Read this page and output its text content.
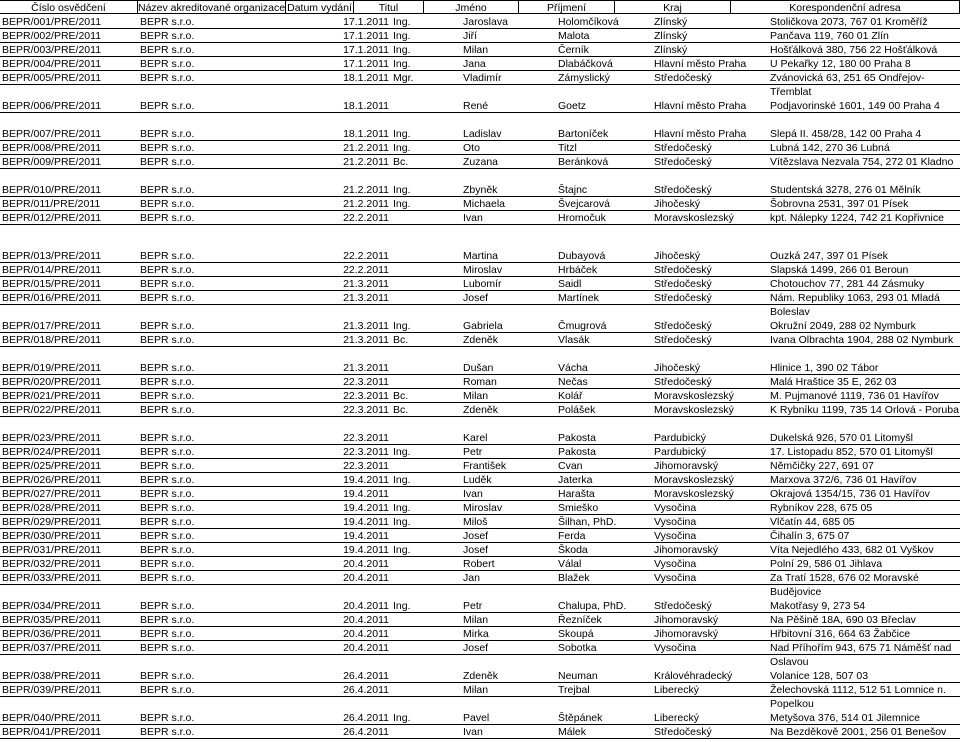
Číslo osvědčení	Název akreditované organizace Datum vydání	Titul	Jméno	Příjmení	Kraj	Korespondenční adresa
BEPR/001/PRE/2011	BEPR s.r.o.	17.1.2011 Ing.	Jaroslava	Holomčíková	Zlínský	Stoličkova 2073, 767 01 Kroměříž
BEPR/002/PRE/2011	BEPR s.r.o.	17.1.2011 Ing.	Jiří	Malota	Zlínský	Pančava 119, 760 01 Zlín
BEPR/003/PRE/2011	BEPR s.r.o.	17.1.2011 Ing.	Milan	Černík	Zlínský	Hošťálková 380, 756 22 Hošťálková
BEPR/004/PRE/2011	BEPR s.r.o.	17.1.2011 Ing.	Jana	Dlabáčková	Hlavní město Praha	U Pekařky 12, 180 00 Praha 8
BEPR/005/PRE/2011	BEPR s.r.o.	18.1.2011 Mgr.	Vladimír	Zámyslický	Středočeský	Zvánovická 63, 251 65 Ondřejov-Třemblat
BEPR/006/PRE/2011	BEPR s.r.o.	18.1.2011	René	Goetz	Hlavní město Praha	Podjavorinské 1601, 149 00 Praha 4
BEPR/007/PRE/2011	BEPR s.r.o.	18.1.2011 Ing.	Ladislav	Bartoníček	Hlavní město Praha	Slepá II. 458/28, 142 00 Praha 4
BEPR/008/PRE/2011	BEPR s.r.o.	21.2.2011 Ing.	Oto	Titzl	Středočeský	Lubná 142, 270 36 Lubná
BEPR/009/PRE/2011	BEPR s.r.o.	21.2.2011 Bc.	Zuzana	Beránková	Středočeský	Vítězslava Nezvala 754, 272 01 Kladno
BEPR/010/PRE/2011	BEPR s.r.o.	21.2.2011 Ing.	Zbyněk	Štajnc	Středočeský	Studentská 3278, 276 01 Mělník
BEPR/011/PRE/2011	BEPR s.r.o.	21.2.2011 Ing.	Michaela	Švejcarová	Jihočeský	Šobrovna 2531, 397 01 Písek
BEPR/012/PRE/2011	BEPR s.r.o.	22.2.2011	Ivan	Hromočuk	Moravskoslezský	kpt. Nálepky 1224, 742 21 Kopřivnice
BEPR/013/PRE/2011	BEPR s.r.o.	22.2.2011	Martina	Dubayová	Jihočeský	Ouzká 247, 397 01 Písek
BEPR/014/PRE/2011	BEPR s.r.o.	22.2.2011	Miroslav	Hrbáček	Středočeský	Slapská 1499, 266 01 Beroun
BEPR/015/PRE/2011	BEPR s.r.o.	21.3.2011	Lubomír	Saidl	Středočeský	Chotouchov 77, 281 44 Zásmuky
BEPR/016/PRE/2011	BEPR s.r.o.	21.3.2011	Josef	Martínek	Středočeský	Nám. Republiky 1063, 293 01 Mladá Boleslav
BEPR/017/PRE/2011	BEPR s.r.o.	21.3.2011 Ing.	Gabriela	Čmugrová	Středočeský	Okružní 2049, 288 02 Nymburk
BEPR/018/PRE/2011	BEPR s.r.o.	21.3.2011 Bc.	Zdeněk	Vlasák	Středočeský	Ivana Olbrachta 1904, 288 02 Nymburk
BEPR/019/PRE/2011	BEPR s.r.o.	21.3.2011	Dušan	Vácha	Jihočeský	Hlinice 1, 390 02 Tábor
BEPR/020/PRE/2011	BEPR s.r.o.	22.3.2011	Roman	Nečas	Středočeský	Malá Hraštice 35 E, 262 03
BEPR/021/PRE/2011	BEPR s.r.o.	22.3.2011 Bc.	Milan	Kolář	Moravskoslezský	M. Pujmanové 1119, 736 01 Havířov
BEPR/022/PRE/2011	BEPR s.r.o.	22.3.2011 Bc.	Zdeněk	Polášek	Moravskoslezský	K Rybníku 1199, 735 14 Orlová - Poruba
BEPR/023/PRE/2011	BEPR s.r.o.	22.3.2011	Karel	Pakosta	Pardubický	Dukelská 926, 570 01 Litomyšl
BEPR/024/PRE/2011	BEPR s.r.o.	22.3.2011 Ing.	Petr	Pakosta	Pardubický	17. Listopadu 852, 570 01 Litomyšl
BEPR/025/PRE/2011	BEPR s.r.o.	22.3.2011	František	Cvan	Jihomoravský	Němčičky 227, 691 07
BEPR/026/PRE/2011	BEPR s.r.o.	19.4.2011 Ing.	Luděk	Jaterka	Moravskoslezský	Marxova 372/6, 736 01 Havířov
BEPR/027/PRE/2011	BEPR s.r.o.	19.4.2011	Ivan	Harašta	Moravskoslezský	Okrajová 1354/15, 736 01 Havířov
BEPR/028/PRE/2011	BEPR s.r.o.	19.4.2011 Ing.	Miroslav	Smieško	Vysočina	Rybníkov 228, 675 05
BEPR/029/PRE/2011	BEPR s.r.o.	19.4.2011 Ing.	Miloš	Šilhan, PhD.	Vysočina	Vlčatín 44, 685 05
BEPR/030/PRE/2011	BEPR s.r.o.	19.4.2011	Josef	Ferda	Vysočina	Čihalín 3, 675 07
BEPR/031/PRE/2011	BEPR s.r.o.	19.4.2011 Ing.	Josef	Škoda	Jihomoravský	Víta Nejedlého 433, 682 01 Vyškov
BEPR/032/PRE/2011	BEPR s.r.o.	20.4.2011	Robert	Válal	Vysočina	Polní 29, 586 01 Jihlava
BEPR/033/PRE/2011	BEPR s.r.o.	20.4.2011	Jan	Blažek	Vysočina	Za Tratí 1528, 676 02 Moravské Budějovice
BEPR/034/PRE/2011	BEPR s.r.o.	20.4.2011 Ing.	Petr	Chalupa, PhD.	Středočeský	Makotřasy 9, 273 54
BEPR/035/PRE/2011	BEPR s.r.o.	20.4.2011	Milan	Řezníček	Jihomoravský	Na Pěšině 18A, 690 03 Břeclav
BEPR/036/PRE/2011	BEPR s.r.o.	20.4.2011	Mirka	Skoupá	Jihomoravský	Hřbitovní 316, 664 63 Žabčice
BEPR/037/PRE/2011	BEPR s.r.o.	20.4.2011	Josef	Sobotka	Vysočina	Nad Příhořím 943, 675 71 Náměšť nad Oslavou
BEPR/038/PRE/2011	BEPR s.r.o.	26.4.2011	Zdeněk	Neuman	Královéhradecký	Volanice 128, 507 03
BEPR/039/PRE/2011	BEPR s.r.o.	26.4.2011	Milan	Trejbal	Liberecký	Želechovská 1112, 512 51 Lomnice n. Popelkou
BEPR/040/PRE/2011	BEPR s.r.o.	26.4.2011 Ing.	Pavel	Štěpánek	Liberecký	Metyšova 376, 514 01 Jilemnice
BEPR/041/PRE/2011	BEPR s.r.o.	26.4.2011	Ivan	Málek	Středočeský	Na Bezděkově 2001, 256 01 Benešov
